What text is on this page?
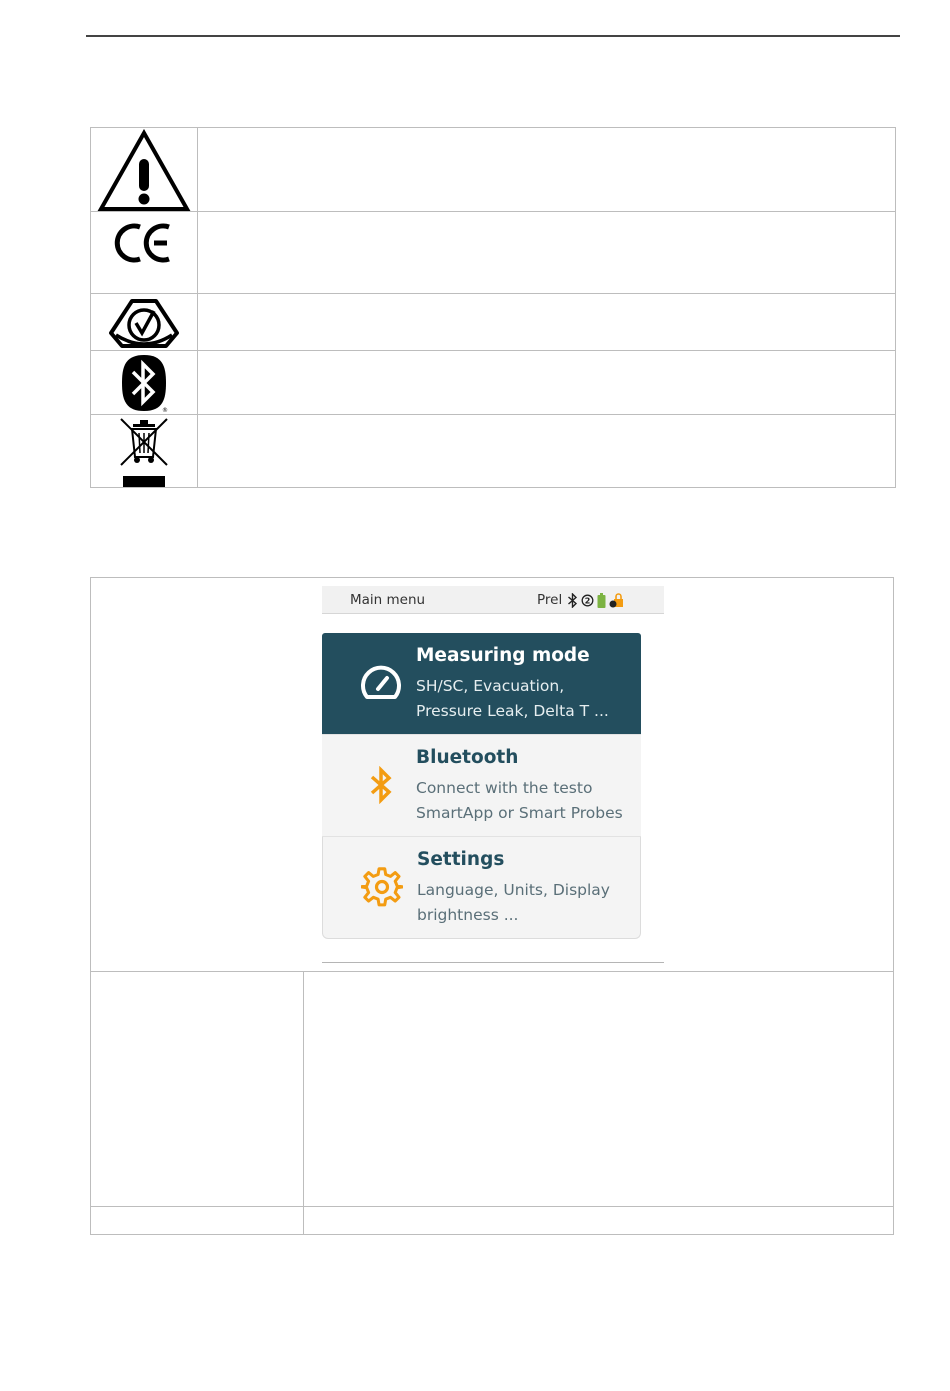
®
Main menu	Prel	2
Measuring mode
SH/SC, Evacuation,
Pressure Leak, Delta T ...
Bluetooth
Connect with the testo
SmartApp or Smart Probes
Settings
Language, Units, Display
brightness ...
